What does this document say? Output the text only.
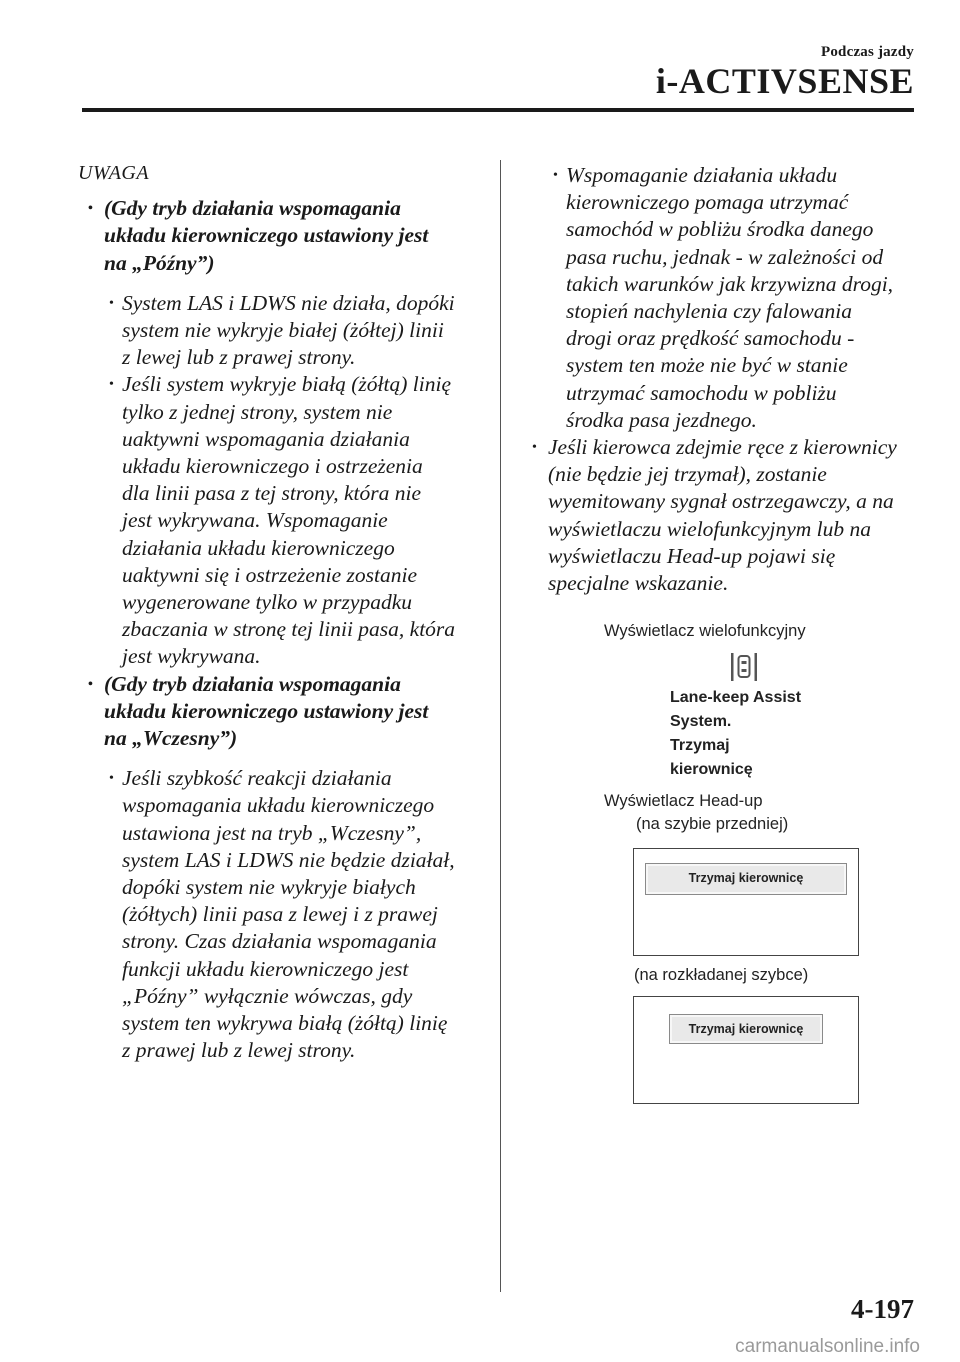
Podczas jazdy
i-ACTIVSENSE
UWAGA
• (Gdy tryb działania wspomagania
układu kierowniczego ustawiony jest
na „Późny”)
• System LAS i LDWS nie działa, dopóki
system nie wykryje białej (żółtej) linii
z lewej lub z prawej strony.
• Jeśli system wykryje białą (żółtą) linię
tylko z jednej strony, system nie
uaktywni wspomagania działania
układu kierowniczego i ostrzeżenia
dla linii pasa z tej strony, która nie
jest wykrywana. Wspomaganie
działania układu kierowniczego
uaktywni się i ostrzeżenie zostanie
wygenerowane tylko w przypadku
zbaczania w stronę tej linii pasa, która
jest wykrywana.
• (Gdy tryb działania wspomagania
układu kierowniczego ustawiony jest
na „Wczesny”)
• Jeśli szybkość reakcji działania
wspomagania układu kierowniczego
ustawiona jest na tryb „Wczesny”,
system LAS i LDWS nie będzie działał,
dopóki system nie wykryje białych
(żółtych) linii pasa z lewej i z prawej
strony. Czas działania wspomagania
funkcji układu kierowniczego jest
„Późny” wyłącznie wówczas, gdy
system ten wykrywa białą (żółtą) linię
z prawej lub z lewej strony.
• Wspomaganie działania układu
kierowniczego pomaga utrzymać
samochód w pobliżu środka danego
pasa ruchu, jednak - w zależności od
takich warunków jak krzywizna drogi,
stopień nachylenia czy falowania
drogi oraz prędkość samochodu -
system ten może nie być w stanie
utrzymać samochodu w pobliżu
środka pasa jezdnego.
• Jeśli kierowca zdejmie ręce z kierownicy
(nie będzie jej trzymał), zostanie
wyemitowany sygnał ostrzegawczy, a na
wyświetlaczu wielofunkcyjnym lub na
wyświetlaczu Head-up pojawi się
specjalne wskazanie.
Wyświetlacz wielofunkcyjny
Lane-keep Assist
System.
Trzymaj
kierownicę
Wyświetlacz Head-up
(na szybie przedniej)
Trzymaj kierownicę
(na rozkładanej szybce)
Trzymaj kierownicę
4-197
carmanualsonline.info
